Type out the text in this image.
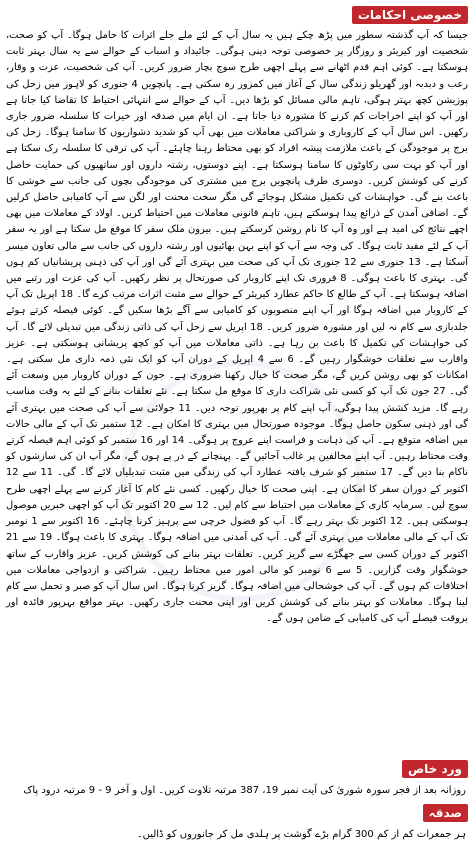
خصوصی احکامات

جیسا کہ آپ گذشتہ سطور میں پڑھ چکے ہیں یہ سال آپ کے لئے ملے جلے اثرات کا حامل ہوگا۔ آپ کو صحت، شخصیت اور کیریئر و روزگار پر خصوصی توجہ دینی ہوگی۔ جائیداد و اسباب کے حوالے سے یہ سال بہتر ثابت ہوسکتا ہے۔ کوئی اہم قدم اٹھانے سے پہلے اچھی طرح سوچ بچار ضرور کریں۔ آپ کی شخصیت، عزت و وقار، رعب و دبدبہ اور گھریلو زندگی سال کے آغاز میں کمزور رہ سکتی ہے۔ پانچویں 4 جنوری کو لاہور میں زحل کی پوزیشن کچھ بہتر ہوگی، تاہم مالی مسائل کو بڑھا دیں۔ آپ کے حوالے سے انتہائی احتیاط کا تقاضا کیا جاتا ہے اور آپ کو اپنے اخراجات کم کرنے کا مشورہ دیا جاتا ہے۔ ان ایام میں صدقہ اور خیرات کا سلسلہ ضرور جاری رکھیں۔ اس سال آپ کے کاروباری و شراکتی معاملات میں بھی آپ کو شدید دشواریوں کا سامنا ہوگا۔ زحل کی برج پر موجودگی کے باعث ملازمت پیشہ افراد کو بھی محتاط رہنا چاہئے۔ آپ کی ترقی کا سلسلہ رک سکتا ہے اور آپ کو بہت سی رکاوٹوں کا سامنا ہوسکتا ہے۔ اپنے دوستوں، رشتہ داروں اور ساتھیوں کی حمایت حاصل کرنے کی کوشش کریں۔ دوسری طرف پانچویں برج میں مشتری کی موجودگی بچوں کی جانب سے خوشی کا باعث بنے گی۔ خواہشات کی تکمیل مشکل ہوجائے گی مگر سخت محنت اور لگن سے آپ کامیابی حاصل کرلیں گے۔ اضافی آمدن کے ذرائع پیدا ہوسکتے ہیں، تاہم قانونی معاملات میں احتیاط کریں۔ اولاد کے معاملات میں بھی اچھے نتائج کی امید ہے اور وہ آپ کا نام روشن کرسکتے ہیں۔ بیرون ملک سفر کا موقع مل سکتا ہے اور یہ سفر آپ کے لئے مفید ثابت ہوگا۔ کی وجہ سے آپ کو اپنے بہن بھائیوں اور رشتہ داروں کی جانب سے مالی تعاون میسر آسکتا ہے۔ 13 جنوری سے 12 جنوری تک آپ کی صحت میں بہتری آئے گی اور آپ کی ذہنی پریشانیاں کم ہوں گی۔ بہتری کا باعث ہوگی۔ 8 فروری تک اپنے کاروبار کی صورتحال پر نظر رکھیں۔ آپ کی عزت اور رتبے میں اضافہ ہوسکتا ہے۔ آپ کے طالع کا حاکم عطارد کیریئر کے حوالے سے مثبت اثرات مرتب کرے گا۔ 18 اپریل تک آپ کے کاروبار میں اضافہ ہوگا اور آپ اپنے منصوبوں کو کامیابی سے آگے بڑھا سکیں گے۔ کوئی فیصلہ کرتے ہوئے جلدبازی سے کام نہ لیں اور مشورہ ضرور کریں۔ 18 اپریل سے زحل آپ کی ذاتی زندگی میں تبدیلی لائے گا۔ آپ کی خواہشات کی تکمیل کا باعث بن رہا ہے۔ ذاتی معاملات میں آپ کو کچھ پریشانی ہوسکتی ہے۔ عزیز واقارب سے تعلقات خوشگوار رہیں گے۔ 6 سے 4 اپریل کے دوران آپ کو ایک نئی ذمہ داری مل سکتی ہے۔ امکانات کو بھی روشن کریں گے، مگر صحت کا خیال رکھنا ضروری ہے۔ جون کے دوران کاروبار میں وسعت آئے گی۔ 27 جون تک آپ کو کسی نئی شراکت داری کا موقع مل سکتا ہے۔ نئے تعلقات بنانے کے لئے یہ وقت مناسب رہے گا۔ مزید کشش پیدا ہوگی، آپ اپنے کام پر بھرپور توجہ دیں۔ 11 جولائی سے آپ کی صحت میں بہتری آئے گی اور ذہنی سکون حاصل ہوگا۔ موجودہ صورتحال میں بہتری کا امکان ہے۔ 12 ستمبر تک آپ کے مالی حالات میں اضافہ متوقع ہے۔ آپ کی ذہانت و فراست اپنے عروج پر ہوگی۔ 14 اور 16 ستمبر کو کوئی اہم فیصلہ کرتے وقت محتاط رہیں۔ آپ اپنے مخالفین پر غالب آجائیں گے۔ پہنچانے کے در پے ہوں گے، مگر آپ ان کی سازشوں کو ناکام بنا دیں گے۔ 17 ستمبر کو شرف یافتہ عطارد آپ کی زندگی میں مثبت تبدیلیاں لائے گا۔ گی۔ 11 سے 12 اکتوبر کے دوران سفر کا امکان ہے۔ اپنی صحت کا خیال رکھیں۔ کسی نئے کام کا آغاز کرنے سے پہلے اچھی طرح سوچ لیں۔ سرمایہ کاری کے معاملات میں احتیاط سے کام لیں۔ 12 سے 20 اکتوبر تک آپ کو اچھی خبریں موصول ہوسکتی ہیں۔ 12 اکتوبر تک بہتر رہے گا۔ آپ کو فضول خرچی سے پرہیز کرنا چاہئے۔ 16 اکتوبر سے 1 نومبر تک آپ کے مالی معاملات میں بہتری آئے گی۔ آپ کی آمدنی میں اضافہ ہوگا۔ بہتری کا باعث ہوگا۔ 19 سے 21 اکتوبر کے دوران کسی سے جھگڑے سے گریز کریں۔ تعلقات بہتر بنانے کی کوشش کریں۔ عزیز واقارب کے ساتھ خوشگوار وقت گزاریں۔ 5 سے 6 نومبر کو مالی امور میں محتاط رہیں۔ شراکتی و ازدواجی معاملات میں اختلافات کم ہوں گے۔ آپ کی خوشحالی میں اضافہ ہوگا۔ گریز کرنا ہوگا۔ اس سال آپ کو صبر و تحمل سے کام لینا ہوگا۔ معاملات کو بہتر بنانے کی کوشش کریں اور اپنی محنت جاری رکھیں۔ بہتر مواقع بہرپور فائدہ اور بروقت فیصلے آپ کی کامیابی کے ضامن ہوں گے۔

ورد خاص

روزانہ بعد از فجر سورہ شوریٰ کی آیت نمبر 19، 387 مرتبہ تلاوت کریں۔ اول و آخر 9 - 9 مرتبہ درود پاک

صدقہ

ہر جمعرات کم از کم 300 گرام بڑے گوشت پر ہلدی مل کر جانوروں کو ڈالیں۔
